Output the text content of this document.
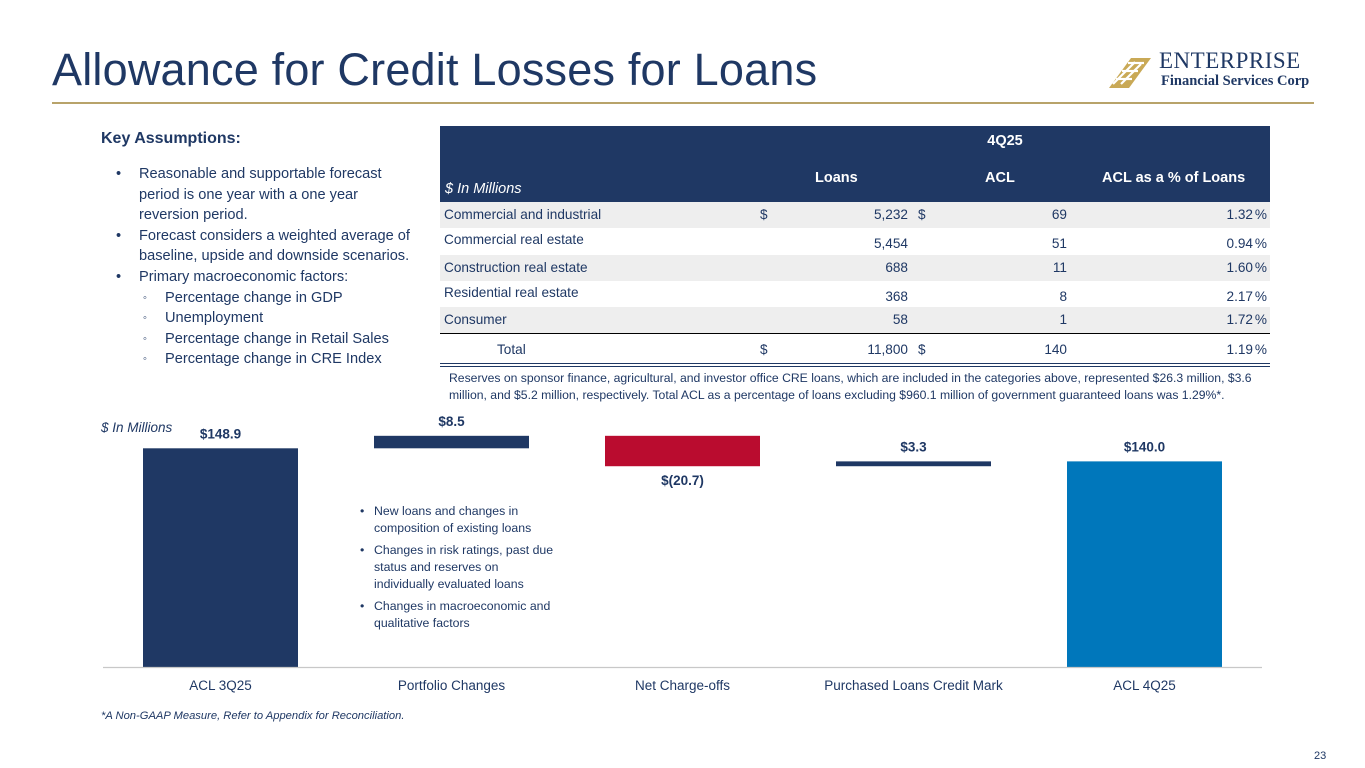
Allowance for Credit Losses for Loans	ENTERPRISE
Financial Services Corp
Key Assumptions:
• Reasonable and supportable forecast period is one year with a one year reversion period.
• Forecast considers a weighted average of baseline, upside and downside scenarios.
• Primary macroeconomic factors:
◦ Percentage change in GDP
◦ Unemployment
◦ Percentage change in Retail Sales
◦ Percentage change in CRE Index
4Q25
$ In Millions
Loans	ACL	ACL as a % of Loans
Commercial and industrial	$	5,232 $	69	1.32 %
Commercial real estate	5,454	51	0.94 %
Construction real estate	688	11	1.60 %
Residential real estate	368	8	2.17 %
Consumer	58	1	1.72 %
Total	$	11,800 $	140	1.19 %
Reserves on sponsor finance, agricultural, and investor office CRE loans, which are included in the categories above, represented $26.3 million, $3.6 million, and $5.2 million, respectively. Total ACL as a percentage of loans excluding $960.1 million of government guaranteed loans was 1.29%*.
$ In Millions $148.9
ACL 3Q25
$8.5
Portfolio Changes
$(20.7)
Net Charge-offs
$3.3
Purchased Loans Credit Mark
$140.0
ACL 4Q25
• New loans and changes in composition of existing loans
• Changes in risk ratings, past due status and reserves on individually evaluated loans
• Changes in macroeconomic and qualitative factors
*A Non-GAAP Measure, Refer to Appendix for Reconciliation.
23
